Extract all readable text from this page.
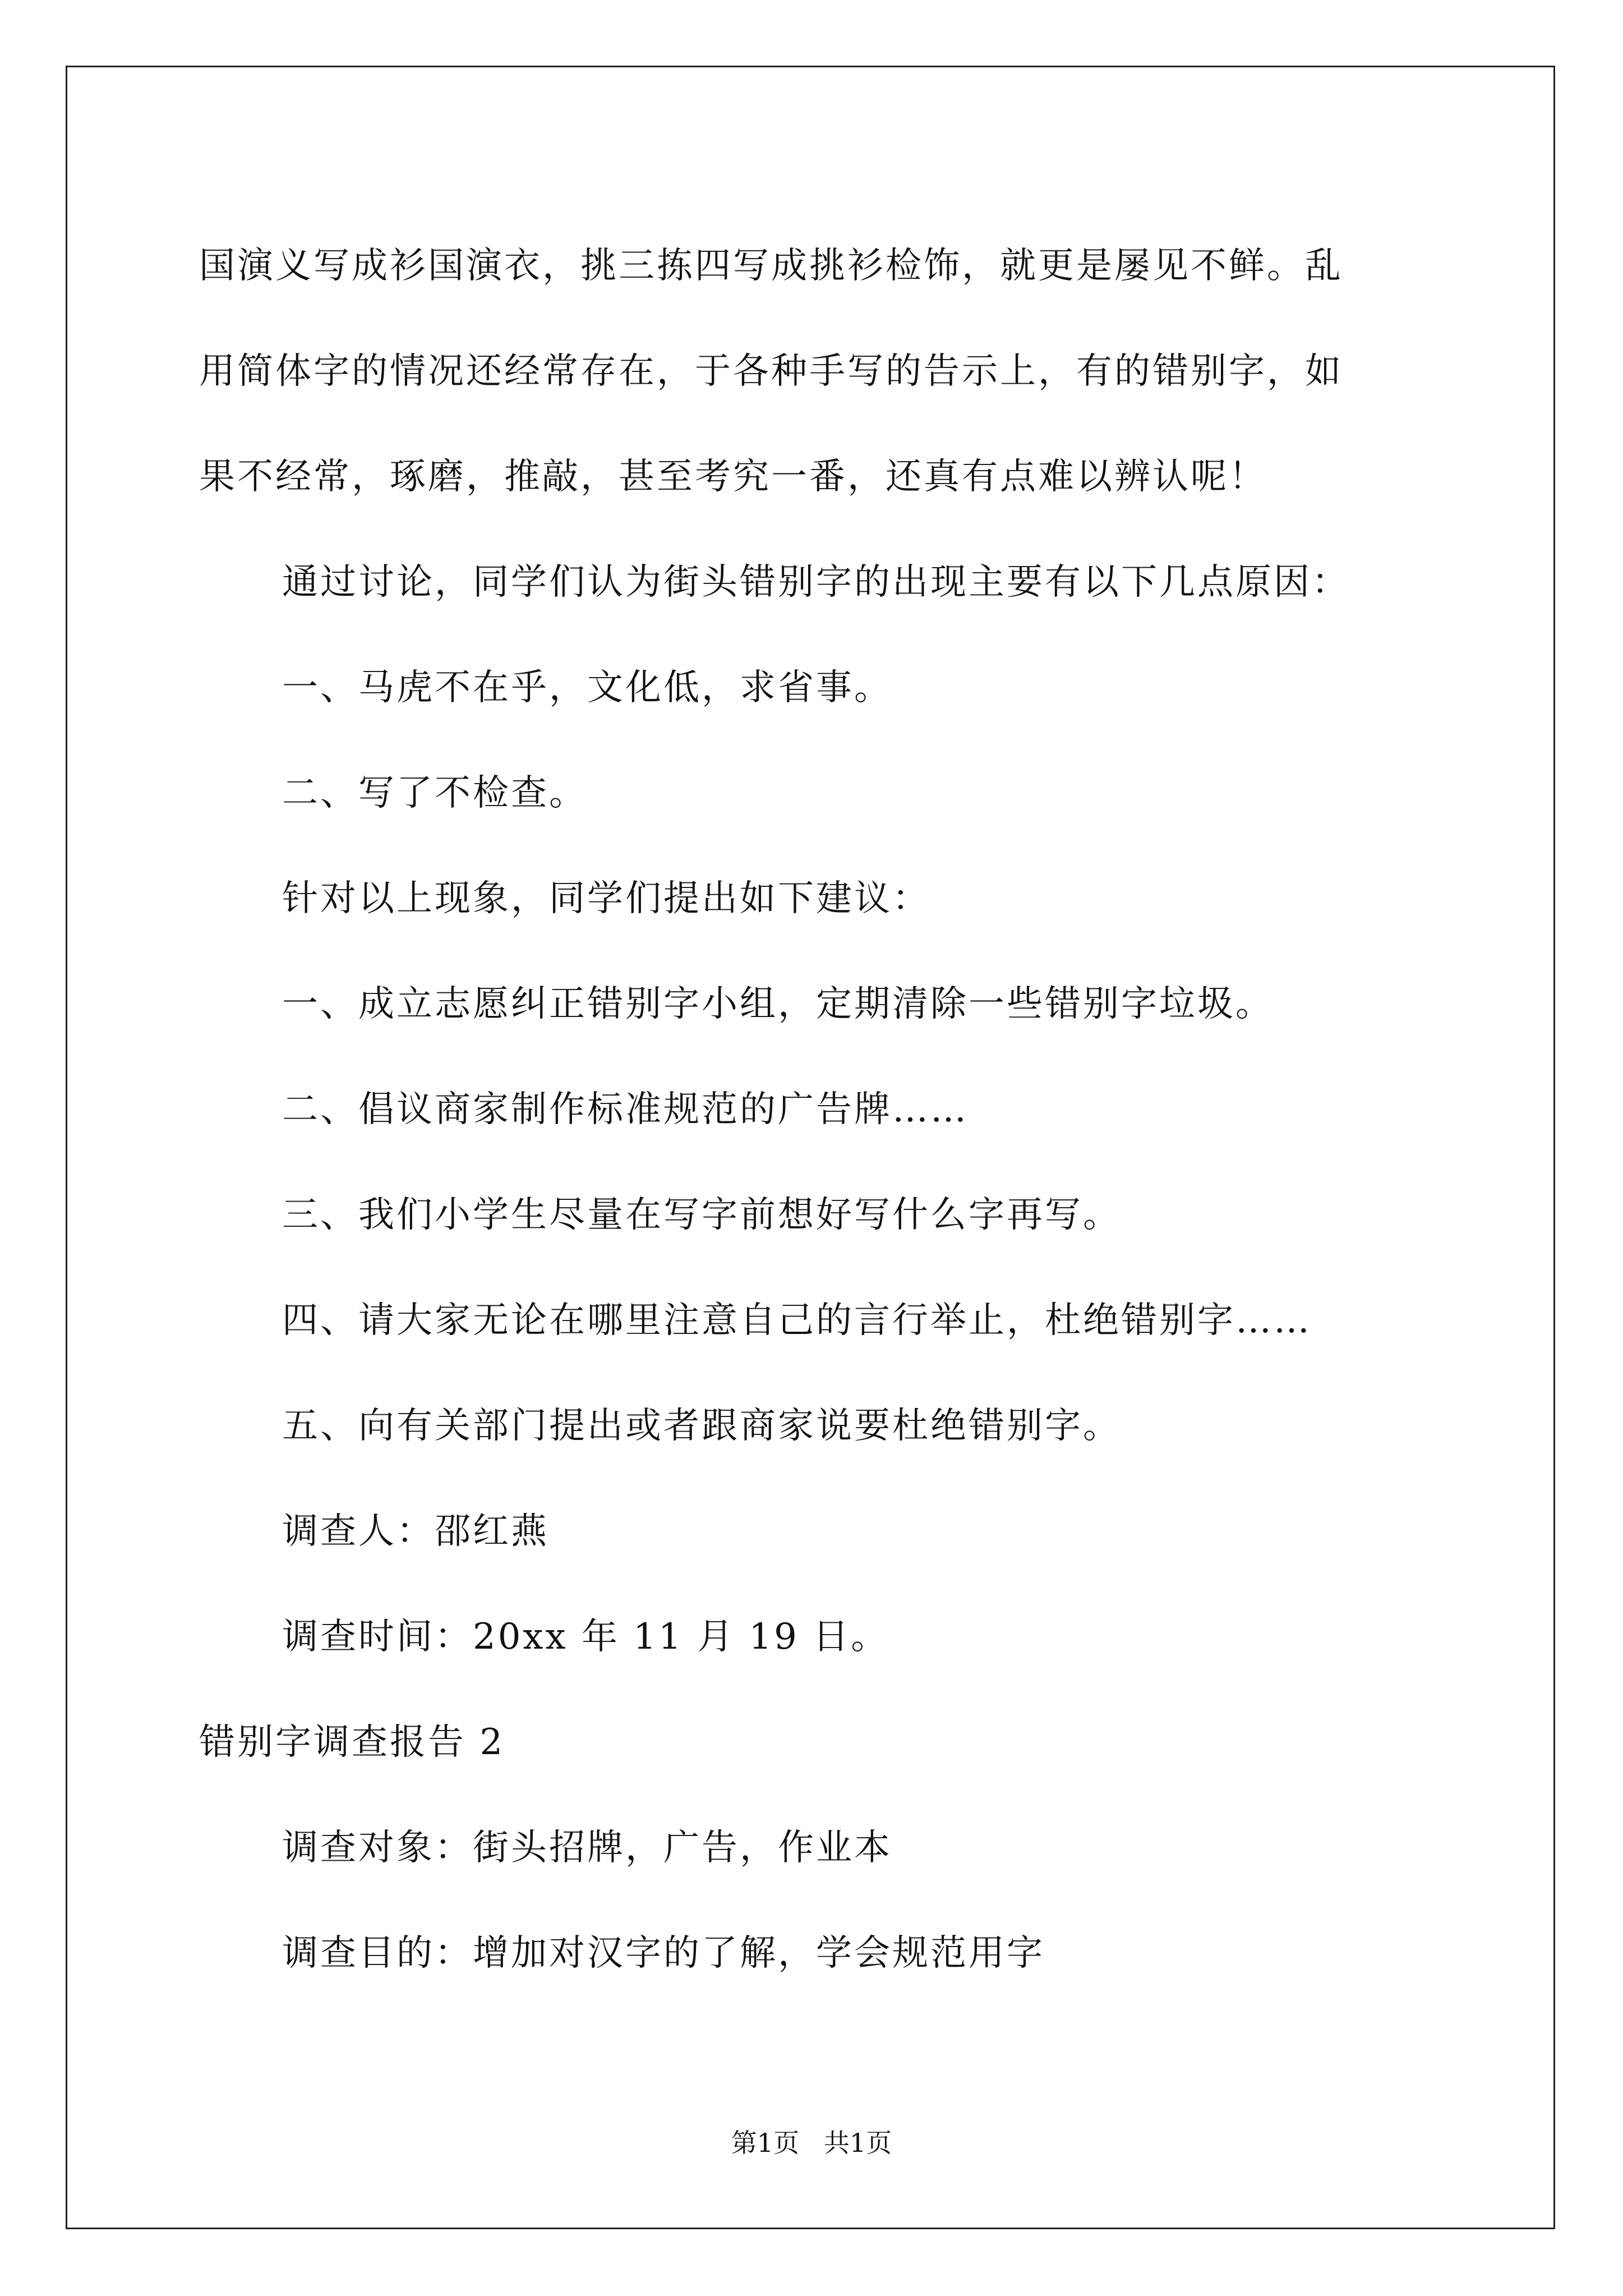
国演义写成衫国演衣，挑三拣四写成挑衫检饰，就更是屡见不鲜。乱
用简体字的情况还经常存在，于各种手写的告示上，有的错别字，如
果不经常，琢磨，推敲，甚至考究一番，还真有点难以辨认呢！
通过讨论，同学们认为街头错别字的出现主要有以下几点原因：
一、马虎不在乎，文化低，求省事。
二、写了不检查。
针对以上现象，同学们提出如下建议：
一、成立志愿纠正错别字小组，定期清除一些错别字垃圾。
二、倡议商家制作标准规范的广告牌……
三、我们小学生尽量在写字前想好写什么字再写。
四、请大家无论在哪里注意自己的言行举止，杜绝错别字……
五、向有关部门提出或者跟商家说要杜绝错别字。
调查人：邵红燕
调查时间：20xx 年 11 月 19 日。
错别字调查报告 2
调查对象：街头招牌，广告，作业本
调查目的：增加对汉字的了解，学会规范用字
第1页   共1页
